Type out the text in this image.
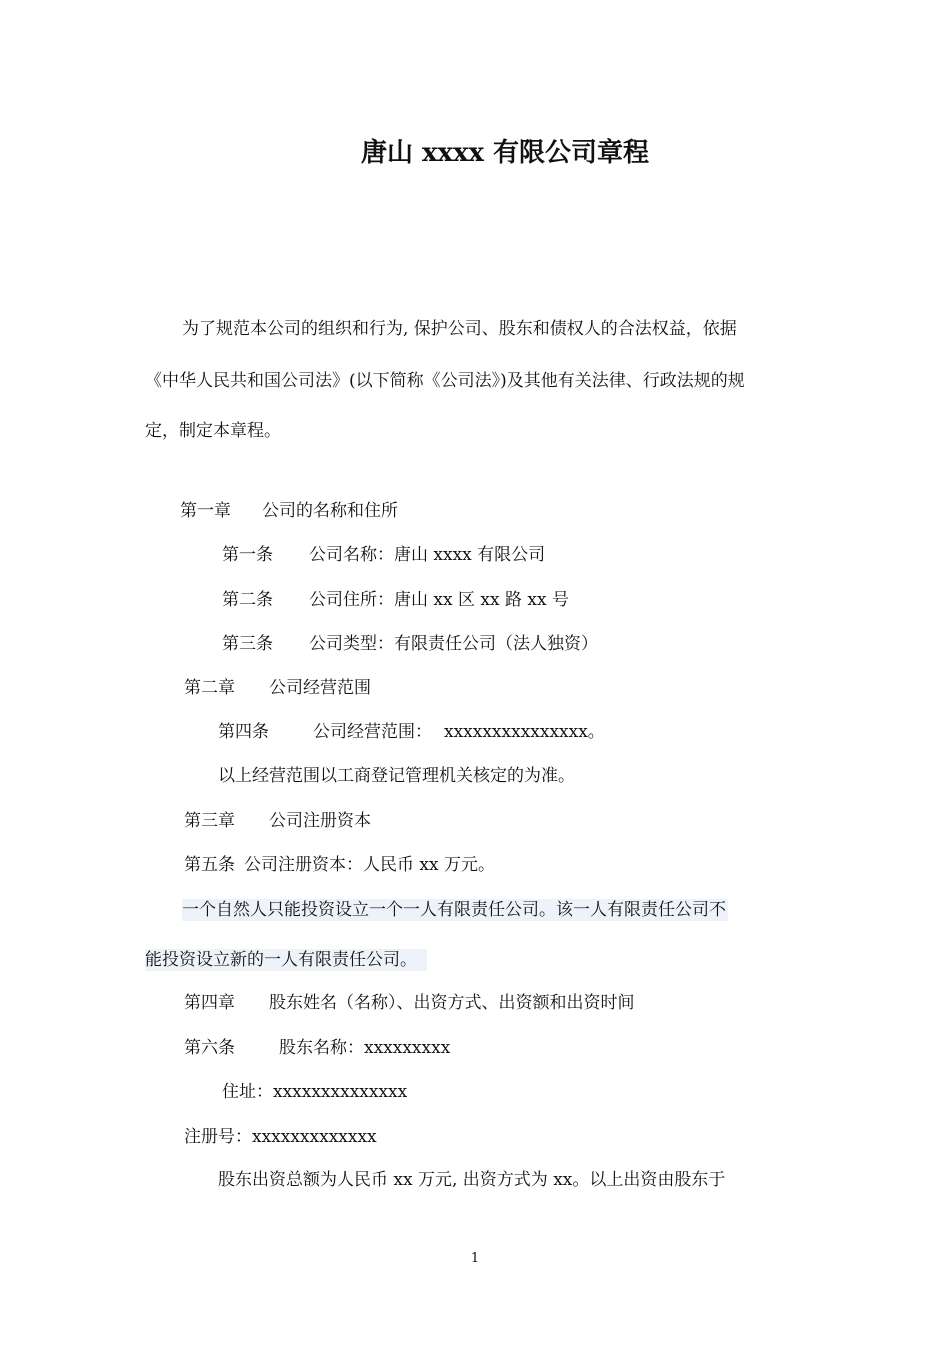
唐山 xxxx 有限公司章程
为了规范本公司的组织和行为, 保护公司、股东和债权人的合法权益，依据
《中华人民共和国公司法》(以下简称《公司法》)及其他有关法律、行政法规的规
定，制定本章程。
第一章 公司的名称和住所
第一条 公司名称：唐山 xxxx 有限公司
第二条 公司住所：唐山 xx 区 xx 路 xx 号
第三条 公司类型：有限责任公司（法人独资）
第二章 公司经营范围
第四条	公司经营范围： xxxxxxxxxxxxxxx。
以上经营范围以工商登记管理机关核定的为准。
第三章 公司注册资本
第五条 公司注册资本：人民币 xx 万元。
一个自然人只能投资设立一个一人有限责任公司。该一人有限责任公司不
能投资设立新的一人有限责任公司。
第四章 股东姓名（名称）、出资方式、出资额和出资时间
第六条	股东名称：xxxxxxxxx
住址：xxxxxxxxxxxxxx
注册号：xxxxxxxxxxxxx
股东出资总额为人民币 xx 万元, 出资方式为 xx。以上出资由股东于
1
